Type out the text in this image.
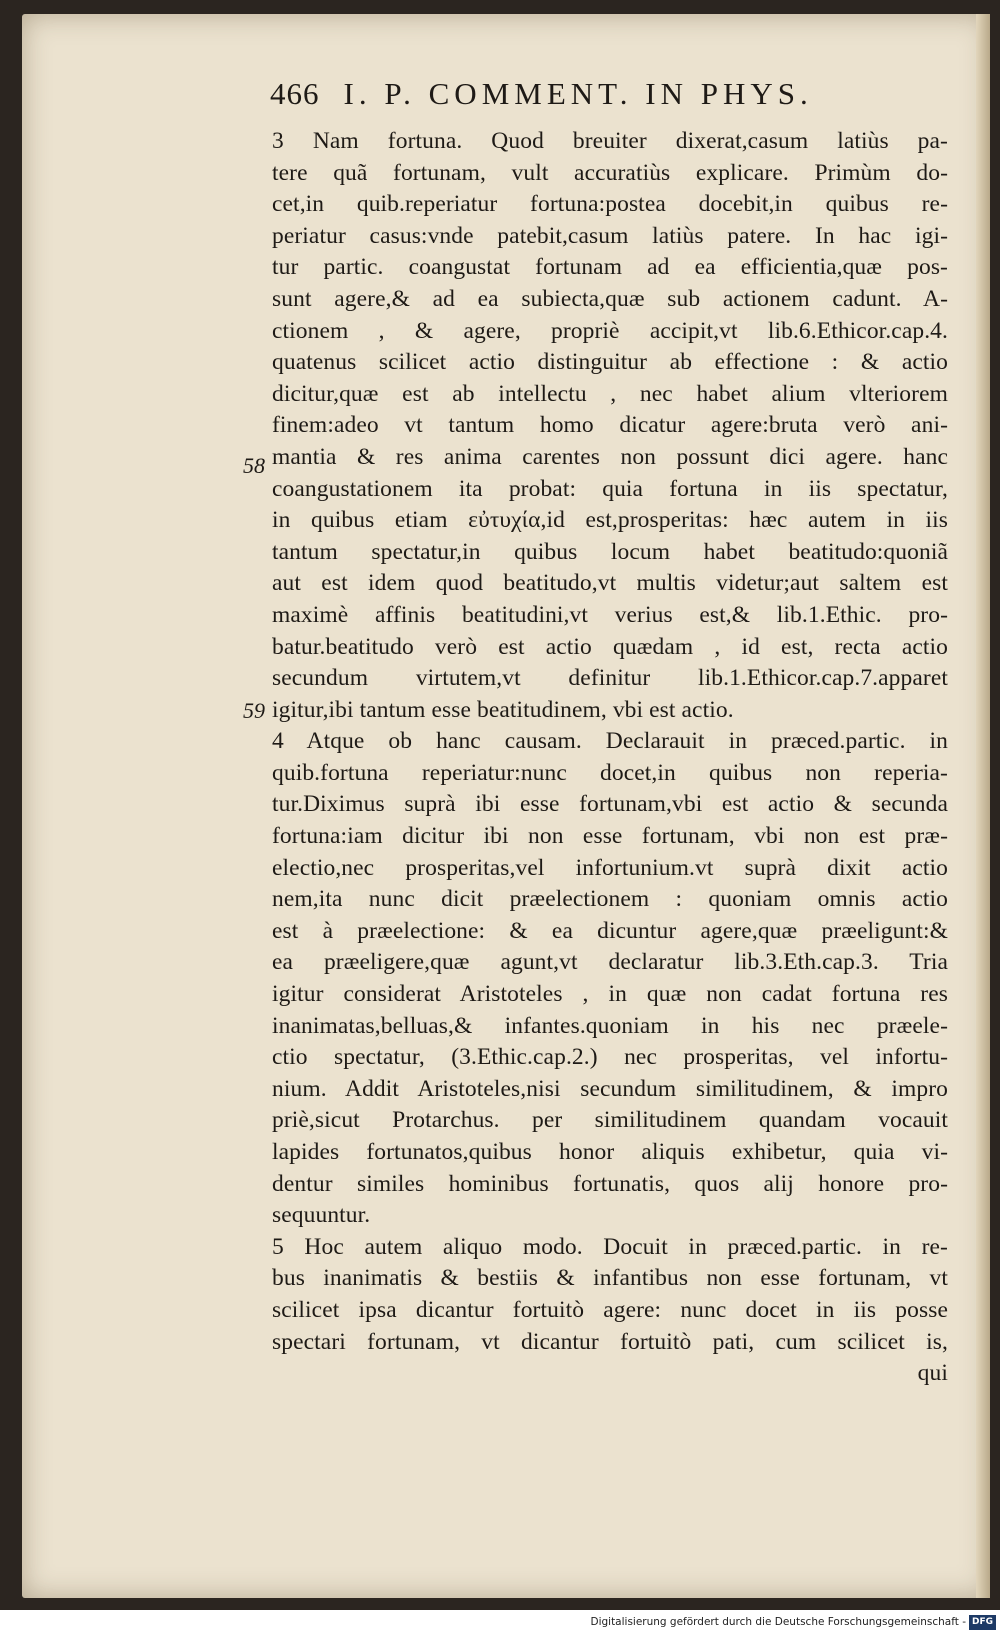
466 I. P. COMMENT. IN PHYS.
58
59
3 Nam fortuna. Quod breuiter dixerat,casum latiùs pa-
tere quã fortunam, vult accuratiùs explicare. Primùm do-
cet,in quib.reperiatur fortuna:postea docebit,in quibus re-
periatur casus:vnde patebit,casum latiùs patere. In hac igi-
tur partic. coangustat fortunam ad ea efficientia,quæ pos-
sunt agere,& ad ea subiecta,quæ sub actionem cadunt. A-
ctionem , & agere, propriè accipit,vt lib.6.Ethicor.cap.4.
quatenus scilicet actio distinguitur ab effectione : & actio
dicitur,quæ est ab intellectu , nec habet alium vlteriorem
finem:adeo vt tantum homo dicatur agere:bruta verò ani-
mantia & res anima carentes non possunt dici agere. hanc
coangustationem ita probat: quia fortuna in iis spectatur,
in quibus etiam εὐτυχία,id est,prosperitas: hæc autem in iis
tantum spectatur,in quibus locum habet beatitudo:quoniã
aut est idem quod beatitudo,vt multis videtur;aut saltem est
maximè affinis beatitudini,vt verius est,& lib.1.Ethic. pro-
batur.beatitudo verò est actio quædam , id est, recta actio
secundum virtutem,vt definitur lib.1.Ethicor.cap.7.apparet
igitur,ibi tantum esse beatitudinem, vbi est actio.
4 Atque ob hanc causam. Declarauit in præced.partic. in
quib.fortuna reperiatur:nunc docet,in quibus non reperia-
tur.Diximus suprà ibi esse fortunam,vbi est actio & secunda
fortuna:iam dicitur ibi non esse fortunam, vbi non est præ-
electio,nec prosperitas,vel infortunium.vt suprà dixit actio
nem,ita nunc dicit præelectionem : quoniam omnis actio
est à præelectione: & ea dicuntur agere,quæ præeligunt:&
ea præeligere,quæ agunt,vt declaratur lib.3.Eth.cap.3. Tria
igitur considerat Aristoteles , in quæ non cadat fortuna res
inanimatas,belluas,& infantes.quoniam in his nec præele-
ctio spectatur, (3.Ethic.cap.2.) nec prosperitas, vel infortu-
nium. Addit Aristoteles,nisi secundum similitudinem, & impro
priè,sicut Protarchus. per similitudinem quandam vocauit
lapides fortunatos,quibus honor aliquis exhibetur, quia vi-
dentur similes hominibus fortunatis, quos alij honore pro-
sequuntur.
5 Hoc autem aliquo modo. Docuit in præced.partic. in re-
bus inanimatis & bestiis & infantibus non esse fortunam, vt
scilicet ipsa dicantur fortuitò agere: nunc docet in iis posse
spectari fortunam, vt dicantur fortuitò pati, cum scilicet is,
qui
Digitalisierung gefördert durch die Deutsche Forschungsgemeinschaft - DFG
